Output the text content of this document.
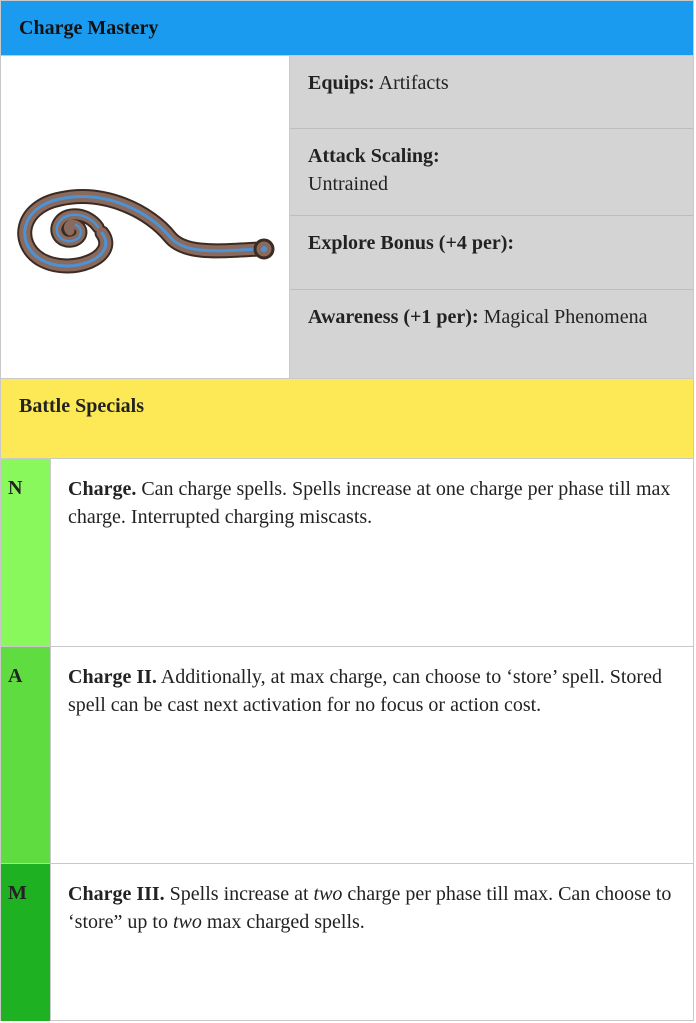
Charge Mastery
Equips: Artifacts
Attack Scaling:
Untrained
Explore Bonus (+4 per):
Awareness (+1 per): Magical Phenomena
Battle Specials
N	Charge. Can charge spells. Spells increase at one charge per phase till max charge. Interrupted charging miscasts.
A	Charge II. Additionally, at max charge, can choose to ‘store’ spell. Stored spell can be cast next activation for no focus or action cost.
M	Charge III. Spells increase at two charge per phase till max. Can choose to ‘store” up to two max charged spells.
